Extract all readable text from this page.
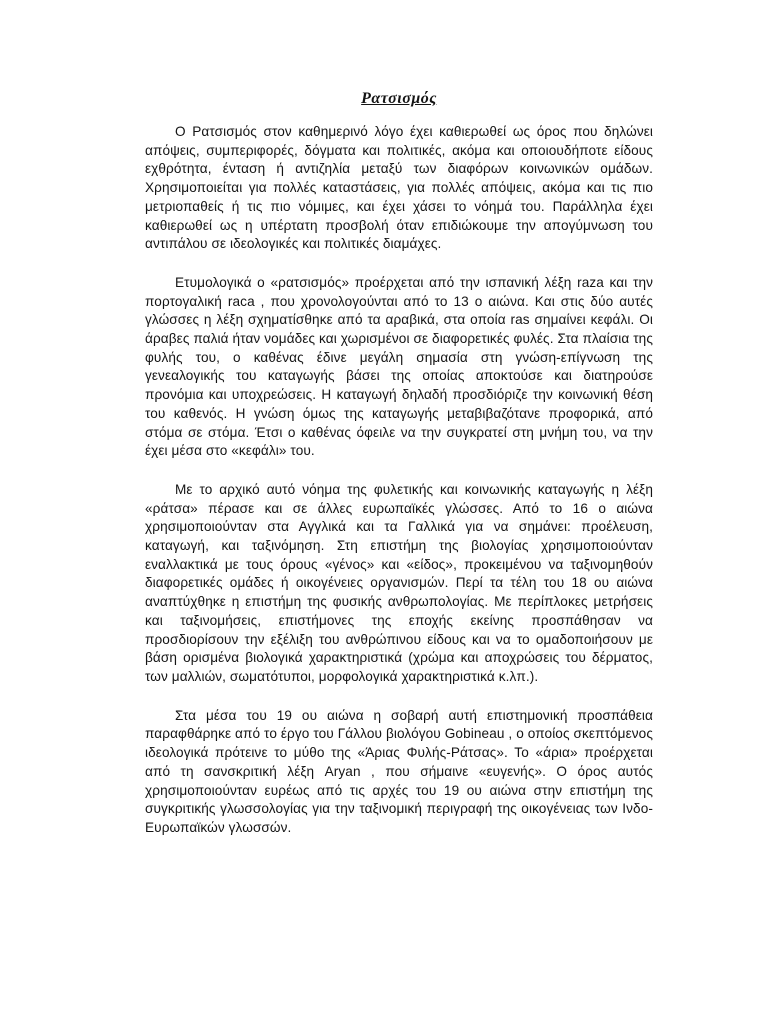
Ρατσισμός

Ο Ρατσισμός στον καθημερινό λόγο έχει καθιερωθεί ως όρος που δηλώνει απόψεις, συμπεριφορές, δόγματα και πολιτικές, ακόμα και οποιουδήποτε είδους εχθρότητα, ένταση ή αντιζηλία μεταξύ των διαφόρων κοινωνικών ομάδων. Χρησιμοποιείται για πολλές καταστάσεις, για πολλές απόψεις, ακόμα και τις πιο μετριοπαθείς ή τις πιο νόμιμες, και έχει χάσει το νόημά του. Παράλληλα έχει καθιερωθεί ως η υπέρτατη προσβολή όταν επιδιώκουμε την απογύμνωση του αντιπάλου σε ιδεολογικές και πολιτικές διαμάχες.

Ετυμολογικά ο «ρατσισμός» προέρχεται από την ισπανική λέξη raza και την πορτογαλική raca , που χρονολογούνται από το 13 ο αιώνα. Και στις δύο αυτές γλώσσες η λέξη σχηματίσθηκε από τα αραβικά, στα οποία ras σημαίνει κεφάλι. Οι άραβες παλιά ήταν νομάδες και χωρισμένοι σε διαφορετικές φυλές. Στα πλαίσια της φυλής του, ο καθένας έδινε μεγάλη σημασία στη γνώση-επίγνωση της γενεαλογικής του καταγωγής βάσει της οποίας αποκτούσε και διατηρούσε προνόμια και υποχρεώσεις. Η καταγωγή δηλαδή προσδιόριζε την κοινωνική θέση του καθενός. Η γνώση όμως της καταγωγής μεταβιβαζότανε προφορικά, από στόμα σε στόμα. Έτσι ο καθένας όφειλε να την συγκρατεί στη μνήμη του, να την έχει μέσα στο «κεφάλι» του.

Με το αρχικό αυτό νόημα της φυλετικής και κοινωνικής καταγωγής η λέξη «ράτσα» πέρασε και σε άλλες ευρωπαϊκές γλώσσες. Από το 16 ο αιώνα χρησιμοποιούνταν στα Αγγλικά και τα Γαλλικά για να σημάνει: προέλευση, καταγωγή, και ταξινόμηση. Στη επιστήμη της βιολογίας χρησιμοποιούνταν εναλλακτικά με τους όρους «γένος» και «είδος», προκειμένου να ταξινομηθούν διαφορετικές ομάδες ή οικογένειες οργανισμών. Περί τα τέλη του 18 ου αιώνα αναπτύχθηκε η επιστήμη της φυσικής ανθρωπολογίας. Με περίπλοκες μετρήσεις και ταξινομήσεις, επιστήμονες της εποχής εκείνης προσπάθησαν να προσδιορίσουν την εξέλιξη του ανθρώπινου είδους και να το ομαδοποιήσουν με βάση ορισμένα βιολογικά χαρακτηριστικά (χρώμα και αποχρώσεις του δέρματος, των μαλλιών, σωματότυποι, μορφολογικά χαρακτηριστικά κ.λπ.).

Στα μέσα του 19 ου αιώνα η σοβαρή αυτή επιστημονική προσπάθεια παραφθάρηκε από το έργο του Γάλλου βιολόγου Gobineau , ο οποίος σκεπτόμενος ιδεολογικά πρότεινε το μύθο της «Άριας Φυλής-Ράτσας». Το «άρια» προέρχεται από τη σανσκριτική λέξη Aryan , που σήμαινε «ευγενής». Ο όρος αυτός χρησιμοποιούνταν ευρέως από τις αρχές του 19 ου αιώνα στην επιστήμη της συγκριτικής γλωσσολογίας για την ταξινομική περιγραφή της οικογένειας των Ινδο-Ευρωπαϊκών γλωσσών.
